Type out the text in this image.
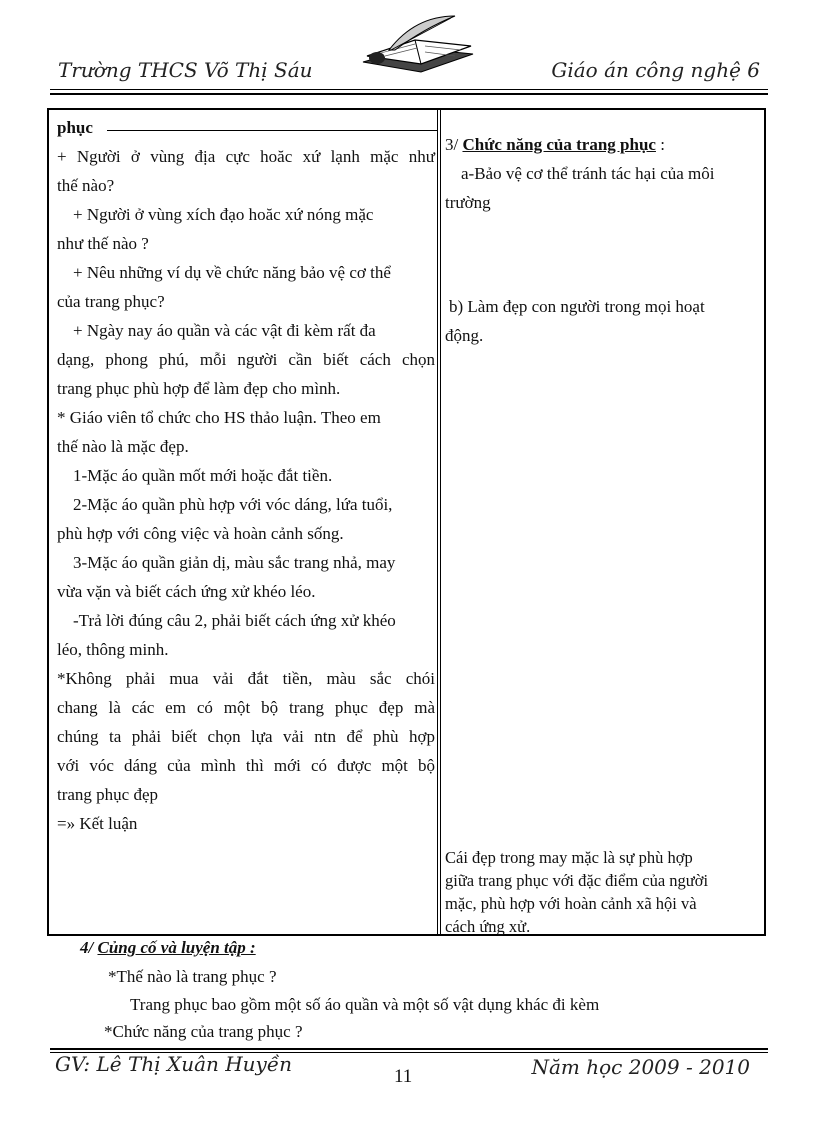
Trường THCS Võ Thị Sáu	Giáo án công nghệ 6
phục
+ Người ở vùng địa cực hoăc xứ lạnh mặc như
thế nào?
+ Người ở vùng xích đạo hoăc xứ nóng mặc
như thế nào ?
+ Nêu những ví dụ về chức năng bảo vệ cơ thể
của trang phục?
+ Ngày nay áo quần và các vật đi kèm rất đa
dạng, phong phú, mỗi người cần biết cách chọn
trang phục phù hợp để làm đẹp cho mình.
* Giáo viên tổ chức cho HS thảo luận. Theo em
thế nào là mặc đẹp.
1-Mặc áo quần mốt mới hoặc đắt tiền.
2-Mặc áo quần phù hợp với vóc dáng, lứa tuổi,
phù hợp với công việc và hoàn cảnh sống.
3-Mặc áo quần giản dị, màu sắc trang nhả, may
vừa vặn và biết cách ứng xử khéo léo.
-Trả lời đúng câu 2, phải biết cách ứng xử khéo
léo, thông minh.
*Không phải mua vải đắt tiền, màu sắc chói
chang là các em có một bộ trang phục đẹp mà
chúng ta phải biết chọn lựa vải ntn để phù hợp
với vóc dáng của mình thì mới có được một bộ
trang phục đẹp
=» Kết luận
3/ Chức năng của trang phục :
a-Bảo vệ cơ thể tránh tác hại của môi
trường
b) Làm đẹp con người trong mọi hoạt
động.
Cái đẹp trong may mặc là sự phù hợp
giữa trang phục với đặc điểm của người
mặc, phù hợp với hoàn cảnh xã hội và
cách ứng xử.
4/ Củng cố và luyện tập :
*Thế nào là trang phục ?
Trang phục bao gồm một số áo quần và một số vật dụng khác đi kèm
*Chức năng của trang phục ?
GV: Lê Thị Xuân Huyền
11	Năm học 2009 - 2010
